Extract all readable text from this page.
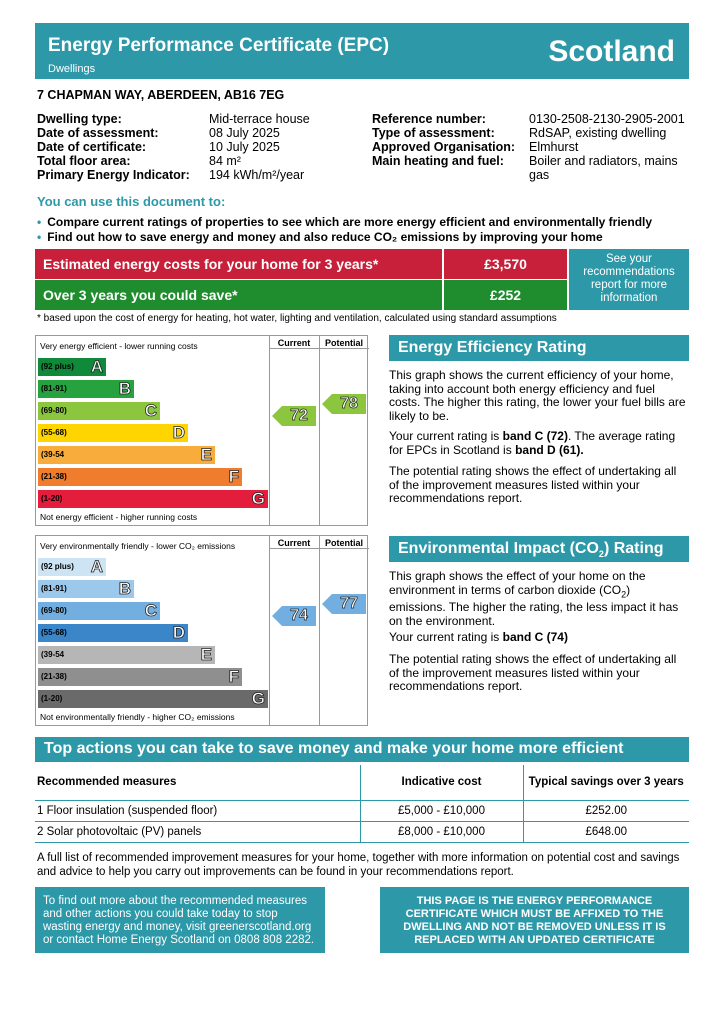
Energy Performance Certificate (EPC)
Dwellings
Scotland
7 CHAPMAN WAY, ABERDEEN, AB16 7EG
Dwelling type:	Mid-terrace house
Date of assessment:	08 July 2025
Date of certificate:	10 July 2025
Total floor area:	84 m²
Primary Energy Indicator: 194 kWh/m²/year
Reference number:	0130-2508-2130-2905-2001
Type of assessment:	RdSAP, existing dwelling
Approved Organisation: Elmhurst
Main heating and fuel: Boiler and radiators, mains gas
You can use this document to:
• Compare current ratings of properties to see which are more energy efficient and environmentally friendly
• Find out how to save energy and money and also reduce CO₂ emissions by improving your home
Estimated energy costs for your home for 3 years*	£3,570
Over 3 years you could save*	£252
See your recommendations report for more information
* based upon the cost of energy for heating, hot water, lighting and ventilation, calculated using standard assumptions
Current	Potential
Very energy efficient - lower running costs
Not energy efficient - higher running costs
(92 plus) A
(81-91)	B
(69-80)	C
(55-68)	D
(39-54	E
(21-38)	F
(1-20)	G
72
78
Current	Potential
Very environmentally friendly - lower CO₂ emissions
Not environmentally friendly - higher CO₂ emissions
(92 plus) A
(81-91)	B
(69-80)	C
(55-68)	D
(39-54	E
(21-38)	F
(1-20)	G
74
77
Energy Efficiency Rating
This graph shows the current efficiency of your home, taking into account both energy efficiency and fuel costs. The higher this rating, the lower your fuel bills are likely to be.
Your current rating is band C (72). The average rating for EPCs in Scotland is band D (61).
The potential rating shows the effect of undertaking all of the improvement measures listed within your recommendations report.
Environmental Impact $(CO_2)$ Rating
This graph shows the effect of your home on the environment in terms of carbon dioxide $(CO_2)$ emissions. The higher the rating, the less impact it has on the environment.
Your current rating is band C (74)
The potential rating shows the effect of undertaking all of the improvement measures listed within your recommendations report.
Top actions you can take to save money and make your home more efficient
Recommended measures	Indicative cost	Typical savings over 3 years
1 Floor insulation (suspended floor)	£5,000 - £10,000	£252.00
2 Solar photovoltaic (PV) panels	£8,000 - £10,000	£648.00
A full list of recommended improvement measures for your home, together with more information on potential cost and savings and advice to help you carry out improvements can be found in your recommendations report.
To find out more about the recommended measures and other actions you could take today to stop wasting energy and money, visit greenerscotland.org or contact Home Energy Scotland on 0808 808 2282.
THIS PAGE IS THE ENERGY PERFORMANCE CERTIFICATE WHICH MUST BE AFFIXED TO THE DWELLING AND NOT BE REMOVED UNLESS IT IS REPLACED WITH AN UPDATED CERTIFICATE
